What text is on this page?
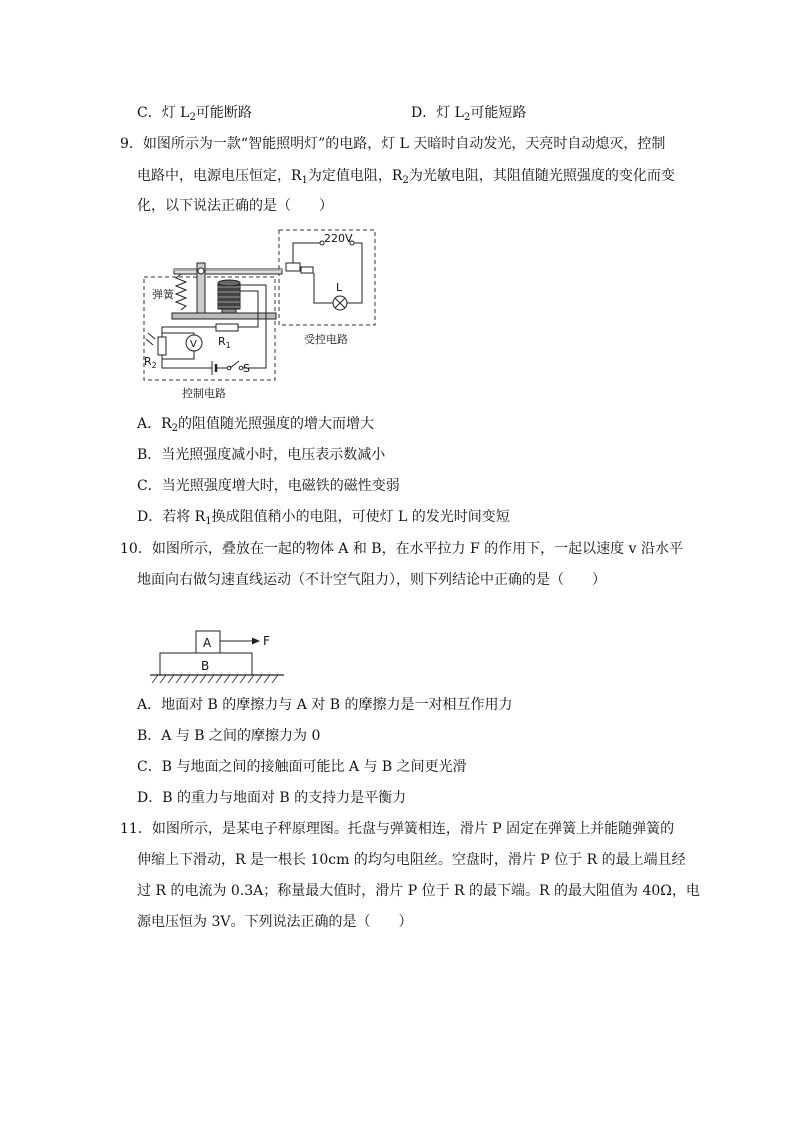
C．灯 $L_2$可能断路	D．灯 $L_2$可能短路
9．如图所示为一款“智能照明灯”的电路，灯 L 天暗时自动发光，天亮时自动熄灭，控制
电路中，电源电压恒定，$R_1$为定值电阻，$R_2$为光敏电阻，其阻值随光照强度的变化而变
化，以下说法正确的是（　　）
220V
L
受控电路
弹簧
$R_1$
$R_2$
V
S
控制电路
A．$R_2$的阻值随光照强度的增大而增大
B．当光照强度减小时，电压表示数减小
C．当光照强度增大时，电磁铁的磁性变弱
D．若将 $R_1$换成阻值稍小的电阻，可使灯 L 的发光时间变短
10．如图所示，叠放在一起的物体 A 和 B，在水平拉力 F 的作用下，一起以速度 v 沿水平
地面向右做匀速直线运动（不计空气阻力），则下列结论中正确的是（　　）
A	F
B
A．地面对 B 的摩擦力与 A 对 B 的摩擦力是一对相互作用力
B．A 与 B 之间的摩擦力为 0
C．B 与地面之间的接触面可能比 A 与 B 之间更光滑
D．B 的重力与地面对 B 的支持力是平衡力
11．如图所示，是某电子秤原理图。托盘与弹簧相连，滑片 P 固定在弹簧上并能随弹簧的
伸缩上下滑动，R 是一根长 10cm 的均匀电阻丝。空盘时，滑片 P 位于 R 的最上端且经
过 R 的电流为 0.3A；称量最大值时，滑片 P 位于 R 的最下端。R 的最大阻值为 40Ω，电
源电压恒为 3V。下列说法正确的是（　　）
